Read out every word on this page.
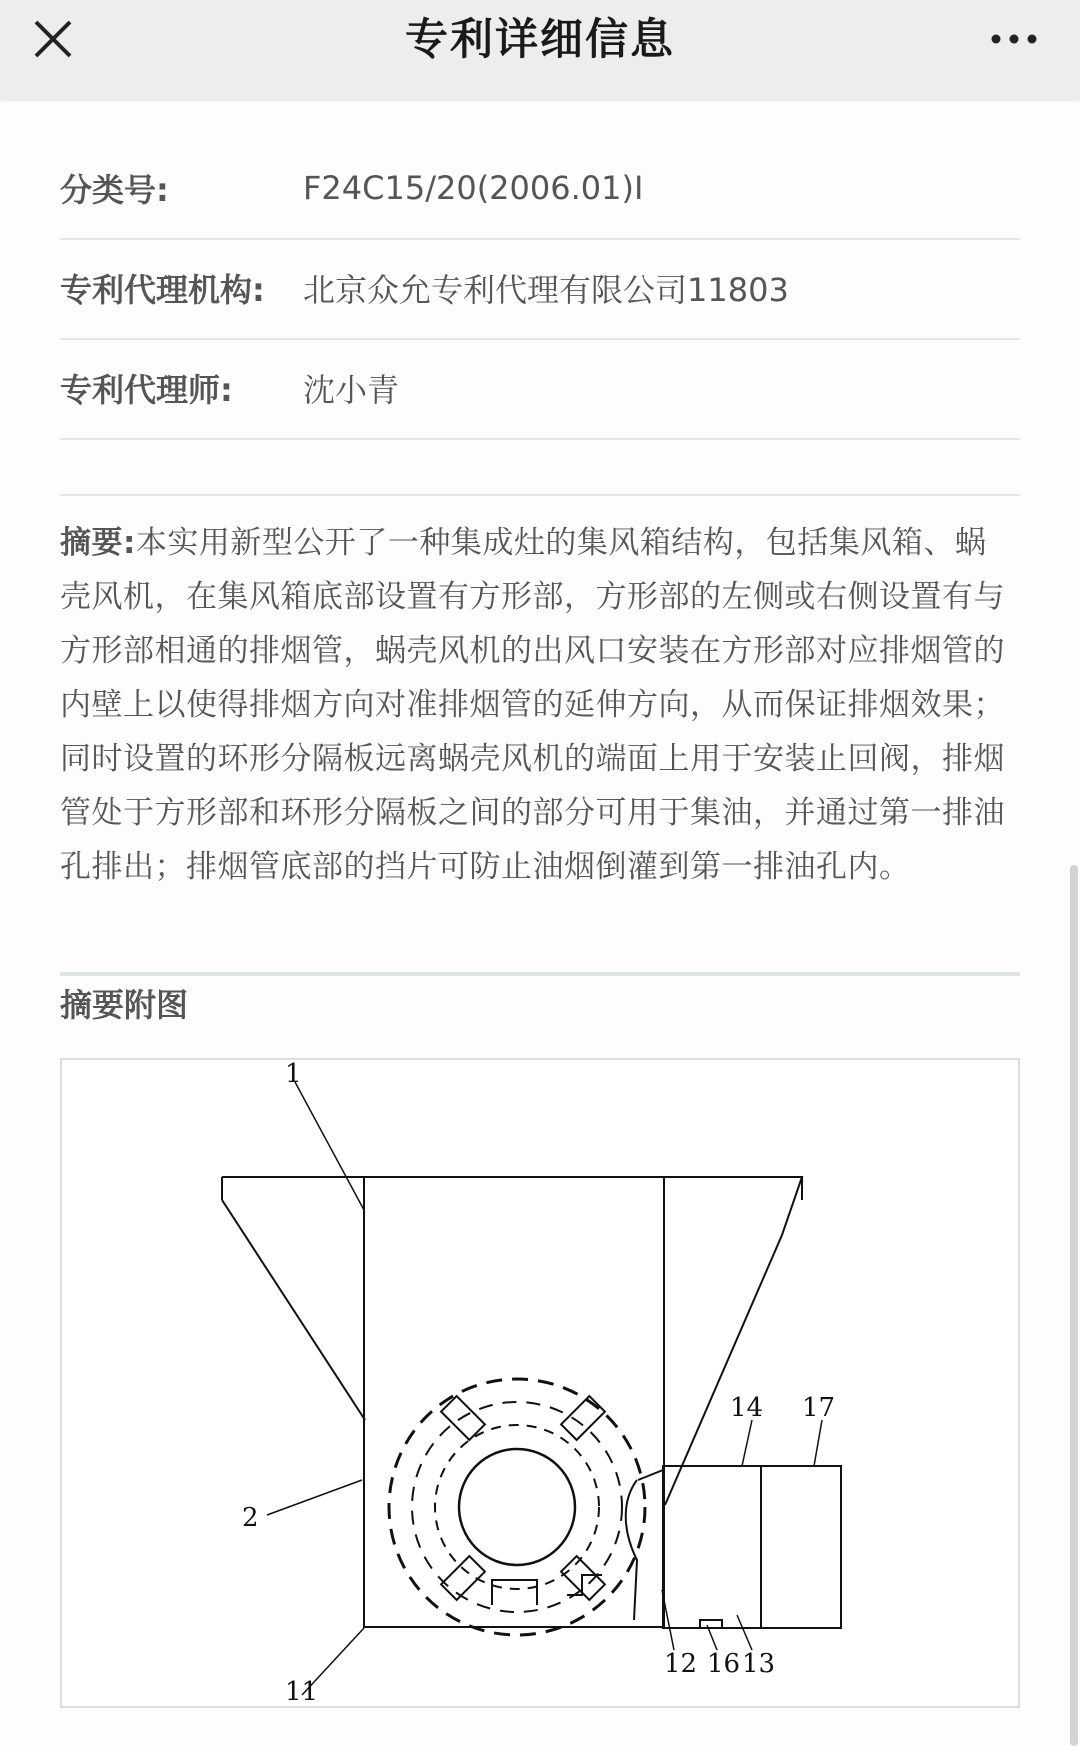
专利详细信息
分类号:	F24C15/20(2006.01)I
专利代理机构:	北京众允专利代理有限公司11803
专利代理师:	沈小青
摘要:本实用新型公开了一种集成灶的集风箱结构，包括集风箱、蜗壳风机，在集风箱底部设置有方形部，方形部的左侧或右侧设置有与方形部相通的排烟管，蜗壳风机的出风口安装在方形部对应排烟管的内壁上以使得排烟方向对准排烟管的延伸方向，从而保证排烟效果；同时设置的环形分隔板远离蜗壳风机的端面上用于安装止回阀，排烟管处于方形部和环形分隔板之间的部分可用于集油，并通过第一排油孔排出；排烟管底部的挡片可防止油烟倒灌到第一排油孔内。
摘要附图
1
2
11
12 16 13
14 17
